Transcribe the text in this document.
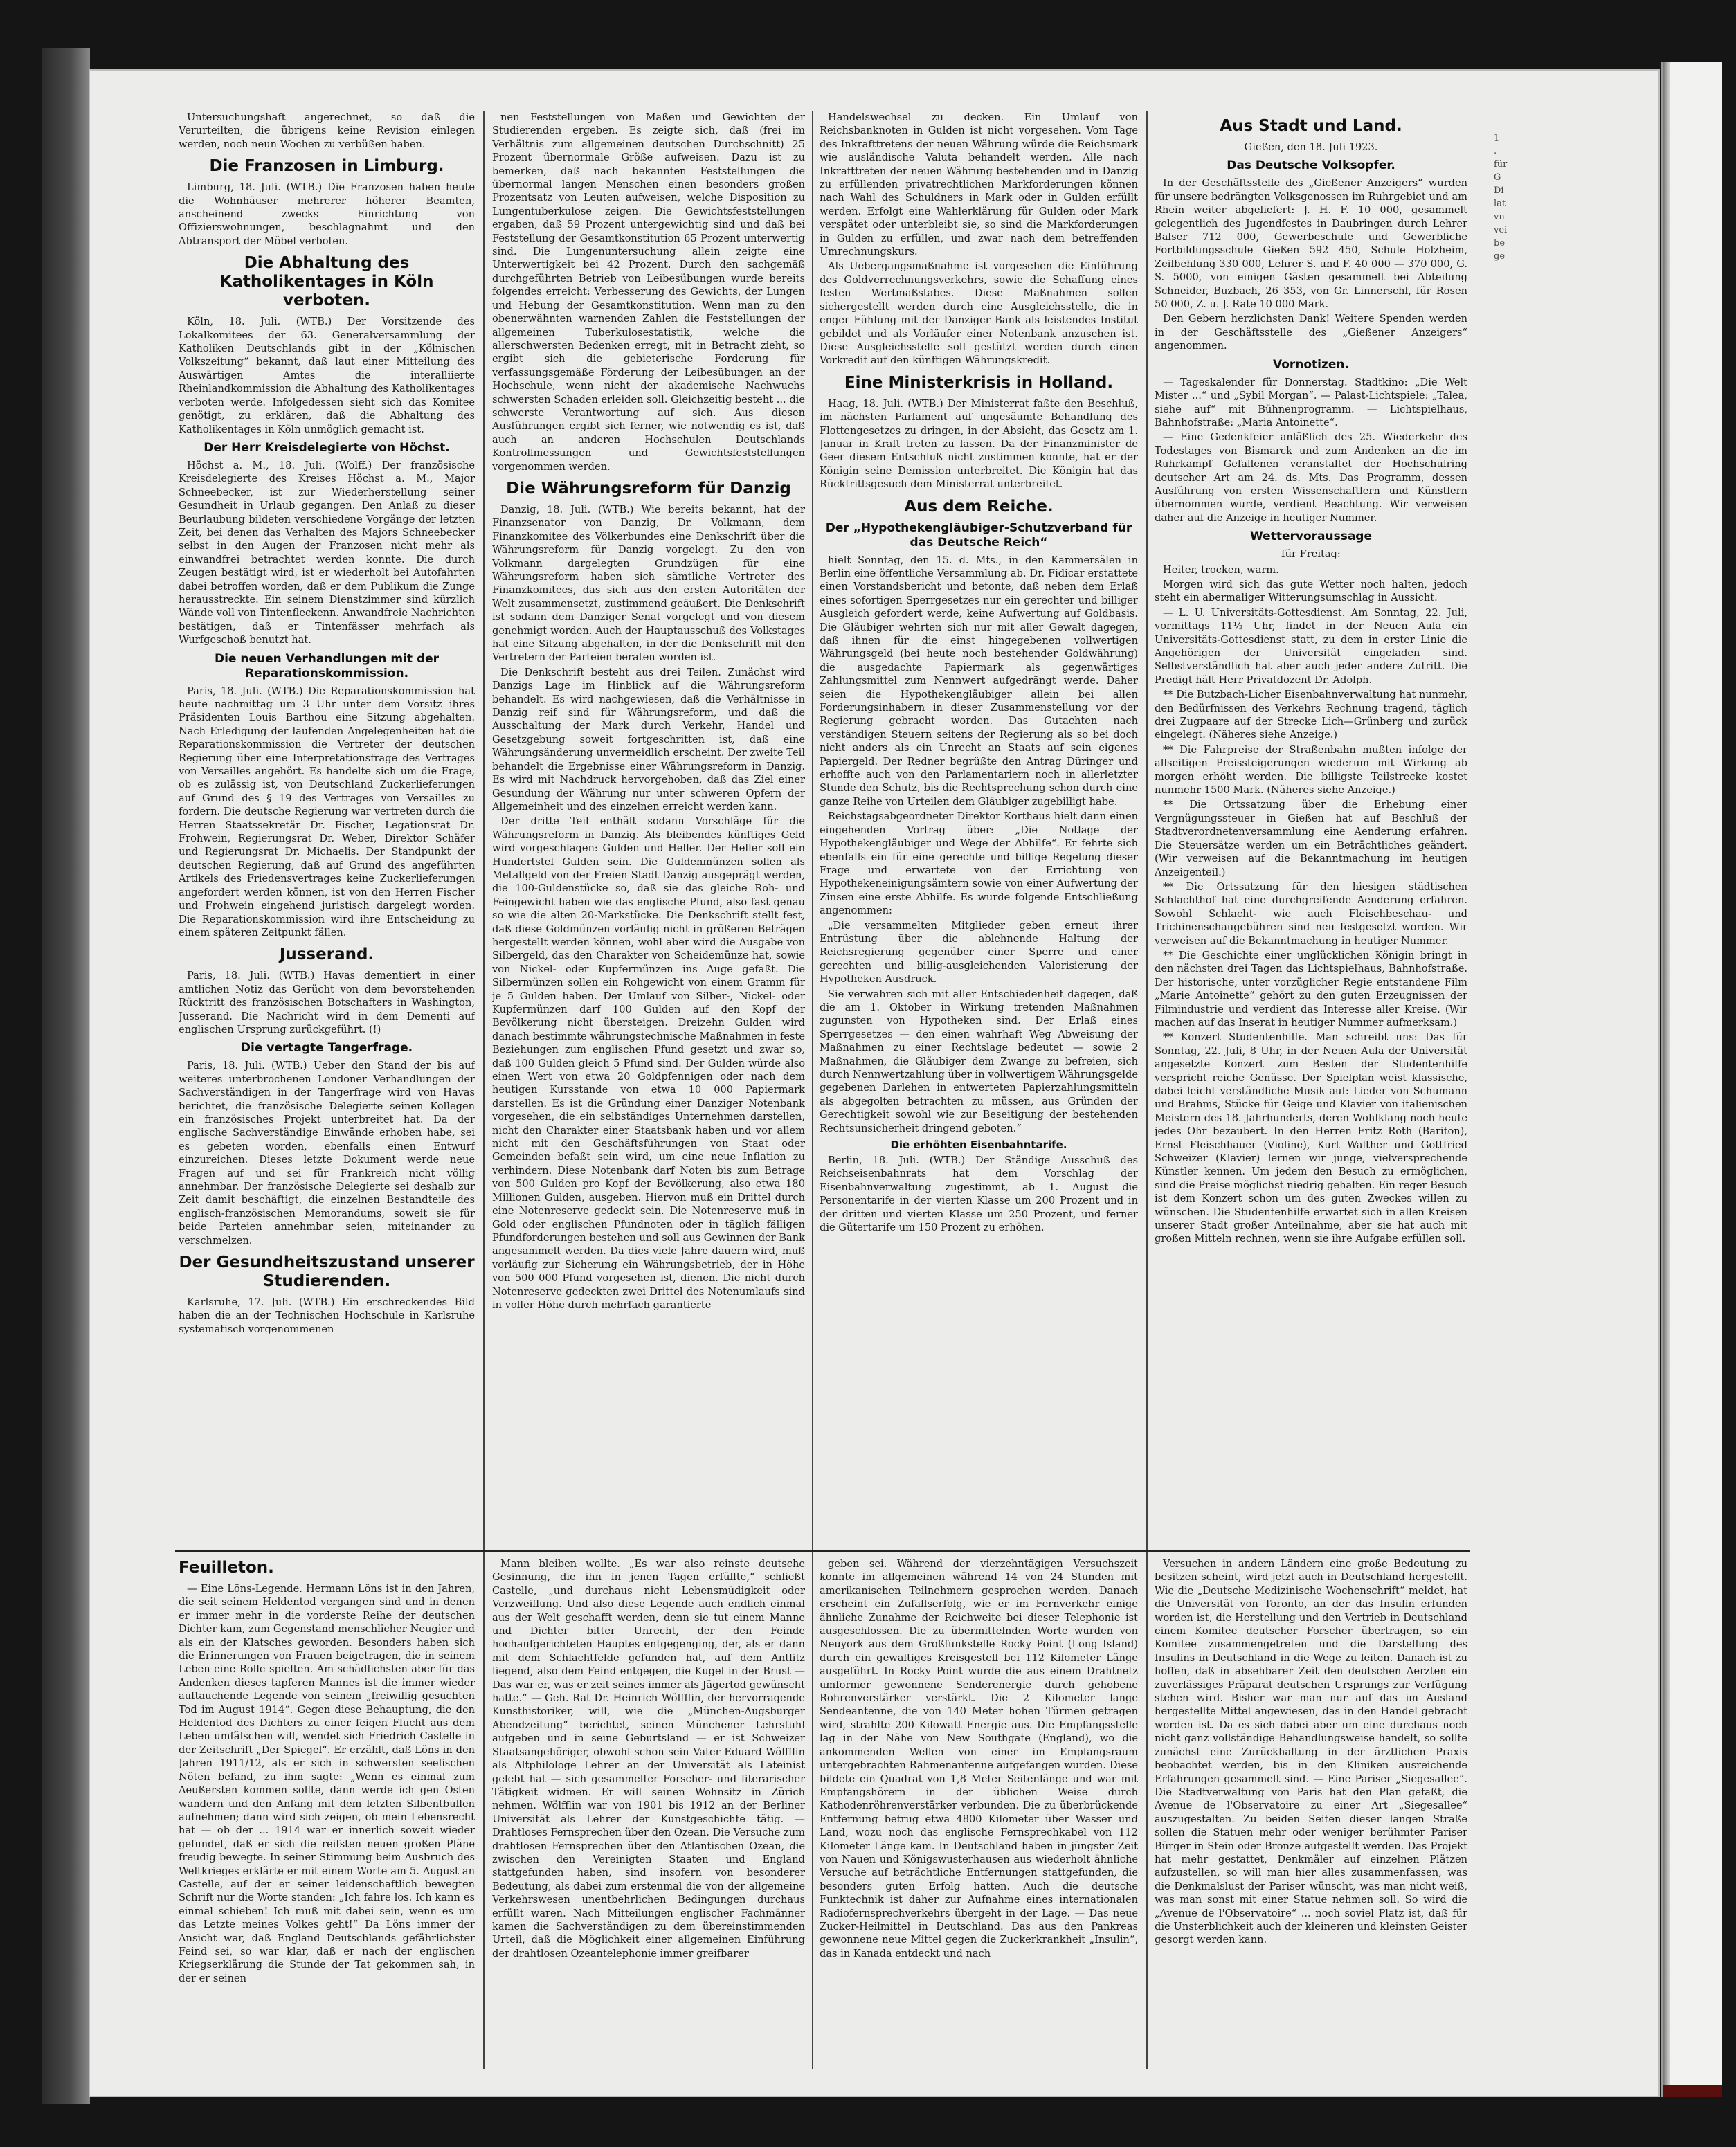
Untersuchungshaft angerechnet, so daß die Verurteilten, die übrigens keine Revision einlegen werden, noch neun Wochen zu verbüßen haben.

Die Franzosen in Limburg.

Limburg, 18. Juli. (WTB.) Die Franzosen haben heute die Wohnhäuser mehrerer höherer Beamten, anscheinend zwecks Einrichtung von Offizierswohnungen, beschlagnahmt und den Abtransport der Möbel verboten.

Die Abhaltung des Katholikentages in Köln verboten.

Köln, 18. Juli. (WTB.) Der Vorsitzende des Lokalkomitees der 63. Generalversammlung der Katholiken Deutschlands gibt in der „Kölnischen Volkszeitung“ bekannt, daß laut einer Mitteilung des Auswärtigen Amtes die interalliierte Rheinlandkommission die Abhaltung des Katholikentages verboten werde. Infolgedessen sieht sich das Komitee genötigt, zu erklären, daß die Abhaltung des Katholikentages in Köln unmöglich gemacht ist.

Der Herr Kreisdelegierte von Höchst.

Höchst a. M., 18. Juli. (Wolff.) Der französische Kreisdelegierte des Kreises Höchst a. M., Major Schneebecker, ist zur Wiederherstellung seiner Gesundheit in Urlaub gegangen. Den Anlaß zu dieser Beurlaubung bildeten verschiedene Vorgänge der letzten Zeit, bei denen das Verhalten des Majors Schneebecker selbst in den Augen der Franzosen nicht mehr als einwandfrei betrachtet werden konnte. Die durch Zeugen bestätigt wird, ist er wiederholt bei Autofahrten dabei betroffen worden, daß er dem Publikum die Zunge herausstreckte. Ein seinem Dienstzimmer sind kürzlich Wände voll von Tintenfleckenn. Anwandfreie Nachrichten bestätigen, daß er Tintenfässer mehrfach als Wurfgeschoß benutzt hat.

Die neuen Verhandlungen mit der Reparationskommission.

Paris, 18. Juli. (WTB.) Die Reparationskommission hat heute nachmittag um 3 Uhr unter dem Vorsitz ihres Präsidenten Louis Barthou eine Sitzung abgehalten. Nach Erledigung der laufenden Angelegenheiten hat die Reparationskommission die Vertreter der deutschen Regierung über eine Interpretationsfrage des Vertrages von Versailles angehört. Es handelte sich um die Frage, ob es zulässig ist, von Deutschland Zuckerlieferungen auf Grund des § 19 des Vertrages von Versailles zu fordern. Die deutsche Regierung war vertreten durch die Herren Staatssekretär Dr. Fischer, Legationsrat Dr. Frohwein, Regierungsrat Dr. Weber, Direktor Schäfer und Regierungsrat Dr. Michaelis. Der Standpunkt der deutschen Regierung, daß auf Grund des angeführten Artikels des Friedensvertrages keine Zuckerlieferungen angefordert werden können, ist von den Herren Fischer und Frohwein eingehend juristisch dargelegt worden. Die Reparationskommission wird ihre Entscheidung zu einem späteren Zeitpunkt fällen.

Jusserand.

Paris, 18. Juli. (WTB.) Havas dementiert in einer amtlichen Notiz das Gerücht von dem bevorstehenden Rücktritt des französischen Botschafters in Washington, Jusserand. Die Nachricht wird in dem Dementi auf englischen Ursprung zurückgeführt. (!)

Die vertagte Tangerfrage.

Paris, 18. Juli. (WTB.) Ueber den Stand der bis auf weiteres unterbrochenen Londoner Verhandlungen der Sachverständigen in der Tangerfrage wird von Havas berichtet, die französische Delegierte seinen Kollegen ein französisches Projekt unterbreitet hat. Da der englische Sachverständige Einwände erhoben habe, sei es gebeten worden, ebenfalls einen Entwurf einzureichen. Dieses letzte Dokument werde neue Fragen auf und sei für Frankreich nicht völlig annehmbar. Der französische Delegierte sei deshalb zur Zeit damit beschäftigt, die einzelnen Bestandteile des englisch-französischen Memorandums, soweit sie für beide Parteien annehmbar seien, miteinander zu verschmelzen.

Der Gesundheitszustand unserer Studierenden.

Karlsruhe, 17. Juli. (WTB.) Ein erschreckendes Bild haben die an der Technischen Hochschule in Karlsruhe systematisch vorgenommenen

nen Feststellungen von Maßen und Gewichten der Studierenden ergeben. Es zeigte sich, daß (frei im Verhältnis zum allgemeinen deutschen Durchschnitt) 25 Prozent übernormale Größe aufweisen. Dazu ist zu bemerken, daß nach bekannten Feststellungen die übernormal langen Menschen einen besonders großen Prozentsatz von Leuten aufweisen, welche Disposition zu Lungentuberkulose zeigen. Die Gewichtsfeststellungen ergaben, daß 59 Prozent untergewichtig sind und daß bei Feststellung der Gesamtkonstitution 65 Prozent unterwertig sind. Die Lungenuntersuchung allein zeigte eine Unterwertigkeit bei 42 Prozent. Durch den sachgemäß durchgeführten Betrieb von Leibesübungen wurde bereits folgendes erreicht: Verbesserung des Gewichts, der Lungen und Hebung der Gesamtkonstitution. Wenn man zu den obenerwähnten warnenden Zahlen die Feststellungen der allgemeinen Tuberkulosestatistik, welche die allerschwersten Bedenken erregt, mit in Betracht zieht, so ergibt sich die gebieterische Forderung für verfassungsgemäße Förderung der Leibesübungen an der Hochschule, wenn nicht der akademische Nachwuchs schwersten Schaden erleiden soll. Gleichzeitig besteht ... die schwerste Verantwortung auf sich. Aus diesen Ausführungen ergibt sich ferner, wie notwendig es ist, daß auch an anderen Hochschulen Deutschlands Kontrollmessungen und Gewichtsfeststellungen vorgenommen werden.

Die Währungsreform für Danzig

Danzig, 18. Juli. (WTB.) Wie bereits bekannt, hat der Finanzsenator von Danzig, Dr. Volkmann, dem Finanzkomitee des Völkerbundes eine Denkschrift über die Währungsreform für Danzig vorgelegt. Zu den von Volkmann dargelegten Grundzügen für eine Währungsreform haben sich sämtliche Vertreter des Finanzkomitees, das sich aus den ersten Autoritäten der Welt zusammensetzt, zustimmend geäußert. Die Denkschrift ist sodann dem Danziger Senat vorgelegt und von diesem genehmigt worden. Auch der Hauptausschuß des Volkstages hat eine Sitzung abgehalten, in der die Denkschrift mit den Vertretern der Parteien beraten worden ist.

Die Denkschrift besteht aus drei Teilen. Zunächst wird Danzigs Lage im Hinblick auf die Währungsreform behandelt. Es wird nachgewiesen, daß die Verhältnisse in Danzig reif sind für Währungsreform, und daß die Ausschaltung der Mark durch Verkehr, Handel und Gesetzgebung soweit fortgeschritten ist, daß eine Währungsänderung unvermeidlich erscheint. Der zweite Teil behandelt die Ergebnisse einer Währungsreform in Danzig. Es wird mit Nachdruck hervorgehoben, daß das Ziel einer Gesundung der Währung nur unter schweren Opfern der Allgemeinheit und des einzelnen erreicht werden kann.

Der dritte Teil enthält sodann Vorschläge für die Währungsreform in Danzig. Als bleibendes künftiges Geld wird vorgeschlagen: Gulden und Heller. Der Heller soll ein Hundertstel Gulden sein. Die Guldenmünzen sollen als Metallgeld von der Freien Stadt Danzig ausgeprägt werden, die 100-Guldenstücke so, daß sie das gleiche Roh- und Feingewicht haben wie das englische Pfund, also fast genau so wie die alten 20-Markstücke. Die Denkschrift stellt fest, daß diese Goldmünzen vorläufig nicht in größeren Beträgen hergestellt werden können, wohl aber wird die Ausgabe von Silbergeld, das den Charakter von Scheidemünze hat, sowie von Nickel- oder Kupfermünzen ins Auge gefaßt. Die Silbermünzen sollen ein Rohgewicht von einem Gramm für je 5 Gulden haben. Der Umlauf von Silber-, Nickel- oder Kupfermünzen darf 100 Gulden auf den Kopf der Bevölkerung nicht übersteigen. Dreizehn Gulden wird danach bestimmte währungstechnische Maßnahmen in feste Beziehungen zum englischen Pfund gesetzt und zwar so, daß 100 Gulden gleich 5 Pfund sind. Der Gulden würde also einen Wert von etwa 20 Goldpfennigen oder nach dem heutigen Kursstande von etwa 10 000 Papiermark darstellen. Es ist die Gründung einer Danziger Notenbank vorgesehen, die ein selbständiges Unternehmen darstellen, nicht den Charakter einer Staatsbank haben und vor allem nicht mit den Geschäftsführungen von Staat oder Gemeinden befaßt sein wird, um eine neue Inflation zu verhindern. Diese Notenbank darf Noten bis zum Betrage von 500 Gulden pro Kopf der Bevölkerung, also etwa 180 Millionen Gulden, ausgeben. Hiervon muß ein Drittel durch eine Notenreserve gedeckt sein. Die Notenreserve muß in Gold oder englischen Pfundnoten oder in täglich fälligen Pfundforderungen bestehen und soll aus Gewinnen der Bank angesammelt werden. Da dies viele Jahre dauern wird, muß vorläufig zur Sicherung ein Währungsbetrieb, der in Höhe von 500 000 Pfund vorgesehen ist, dienen. Die nicht durch Notenreserve gedeckten zwei Drittel des Notenumlaufs sind in voller Höhe durch mehrfach garantierte

Handelswechsel zu decken. Ein Umlauf von Reichsbanknoten in Gulden ist nicht vorgesehen. Vom Tage des Inkrafttretens der neuen Währung würde die Reichsmark wie ausländische Valuta behandelt werden. Alle nach Inkrafttreten der neuen Währung bestehenden und in Danzig zu erfüllenden privatrechtlichen Markforderungen können nach Wahl des Schuldners in Mark oder in Gulden erfüllt werden. Erfolgt eine Wahlerklärung für Gulden oder Mark verspätet oder unterbleibt sie, so sind die Markforderungen in Gulden zu erfüllen, und zwar nach dem betreffenden Umrechnungskurs.

Als Uebergangsmaßnahme ist vorgesehen die Einführung des Goldverrechnungsverkehrs, sowie die Schaffung eines festen Wertmaßstabes. Diese Maßnahmen sollen sichergestellt werden durch eine Ausgleichsstelle, die in enger Fühlung mit der Danziger Bank als leistendes Institut gebildet und als Vorläufer einer Notenbank anzusehen ist. Diese Ausgleichsstelle soll gestützt werden durch einen Vorkredit auf den künftigen Währungskredit.

Eine Ministerkrisis in Holland.

Haag, 18. Juli. (WTB.) Der Ministerrat faßte den Beschluß, im nächsten Parlament auf ungesäumte Behandlung des Flottengesetzes zu dringen, in der Absicht, das Gesetz am 1. Januar in Kraft treten zu lassen. Da der Finanzminister de Geer diesem Entschluß nicht zustimmen konnte, hat er der Königin seine Demission unterbreitet. Die Königin hat das Rücktrittsgesuch dem Ministerrat unterbreitet.

Aus dem Reiche.
Der „Hypothekengläubiger-Schutzverband für das Deutsche Reich“

hielt Sonntag, den 15. d. Mts., in den Kammersälen in Berlin eine öffentliche Versammlung ab. Dr. Fidicar erstattete einen Vorstandsbericht und betonte, daß neben dem Erlaß eines sofortigen Sperrgesetzes nur ein gerechter und billiger Ausgleich gefordert werde, keine Aufwertung auf Goldbasis. Die Gläubiger wehrten sich nur mit aller Gewalt dagegen, daß ihnen für die einst hingegebenen vollwertigen Währungsgeld (bei heute noch bestehender Goldwährung) die ausgedachte Papiermark als gegenwärtiges Zahlungsmittel zum Nennwert aufgedrängt werde. Daher seien die Hypothekengläubiger allein bei allen Forderungsinhabern in dieser Zusammenstellung vor der Regierung gebracht worden. Das Gutachten nach verständigen Steuern seitens der Regierung als so bei doch nicht anders als ein Unrecht an Staats auf sein eigenes Papiergeld. Der Redner begrüßte den Antrag Düringer und erhoffte auch von den Parlamentariern noch in allerletzter Stunde den Schutz, bis die Rechtsprechung schon durch eine ganze Reihe von Urteilen dem Gläubiger zugebilligt habe.

Reichstagsabgeordneter Direktor Korthaus hielt dann einen eingehenden Vortrag über: „Die Notlage der Hypothekengläubiger und Wege der Abhilfe“. Er fehrte sich ebenfalls ein für eine gerechte und billige Regelung dieser Frage und erwartete von der Errichtung von Hypothekeneinigungsämtern sowie von einer Aufwertung der Zinsen eine erste Abhilfe. Es wurde folgende Entschließung angenommen:

„Die versammelten Mitglieder geben erneut ihrer Entrüstung über die ablehnende Haltung der Reichsregierung gegenüber einer Sperre und einer gerechten und billig-ausgleichenden Valorisierung der Hypotheken Ausdruck.

Sie verwahren sich mit aller Entschiedenheit dagegen, daß die am 1. Oktober in Wirkung tretenden Maßnahmen zugunsten von Hypotheken sind. Der Erlaß eines Sperrgesetzes — den einen wahrhaft Weg Abweisung der Maßnahmen zu einer Rechtslage bedeutet — sowie 2 Maßnahmen, die Gläubiger dem Zwange zu befreien, sich durch Nennwertzahlung über in vollwertigem Währungsgelde gegebenen Darlehen in entwerteten Papierzahlungsmitteln als abgegolten betrachten zu müssen, aus Gründen der Gerechtigkeit sowohl wie zur Beseitigung der bestehenden Rechtsunsicherheit dringend geboten.“

Die erhöhten Eisenbahntarife.

Berlin, 18. Juli. (WTB.) Der Ständige Ausschuß des Reichseisenbahnrats hat dem Vorschlag der Eisenbahnverwaltung zugestimmt, ab 1. August die Personentarife in der vierten Klasse um 200 Prozent und in der dritten und vierten Klasse um 250 Prozent, und ferner die Gütertarife um 150 Prozent zu erhöhen.

Aus Stadt und Land.

Gießen, den 18. Juli 1923.

Das Deutsche Volksopfer.

In der Geschäftsstelle des „Gießener Anzeigers“ wurden für unsere bedrängten Volksgenossen im Ruhrgebiet und am Rhein weiter abgeliefert: J. H. F. 10 000, gesammelt gelegentlich des Jugendfestes in Daubringen durch Lehrer Balser 712 000, Gewerbeschule und Gewerbliche Fortbildungsschule Gießen 592 450, Schule Holzheim, Zeilbehlung 330 000, Lehrer S. und F. 40 000 — 370 000, G. S. 5000, von einigen Gästen gesammelt bei Abteilung Schneider, Buzbach, 26 353, von Gr. Linnerschl, für Rosen 50 000, Z. u. J. Rate 10 000 Mark.

Den Gebern herzlichsten Dank! Weitere Spenden werden in der Geschäftsstelle des „Gießener Anzeigers“ angenommen.

Vornotizen.

— Tageskalender für Donnerstag. Stadtkino: „Die Welt Mister ...“ und „Sybil Morgan“. — Palast-Lichtspiele: „Talea, siehe auf“ mit Bühnenprogramm. — Lichtspielhaus, Bahnhofstraße: „Maria Antoinette“.

— Eine Gedenkfeier anläßlich des 25. Wiederkehr des Todestages von Bismarck und zum Andenken an die im Ruhrkampf Gefallenen veranstaltet der Hochschulring deutscher Art am 24. ds. Mts. Das Programm, dessen Ausführung von ersten Wissenschaftlern und Künstlern übernommen wurde, verdient Beachtung. Wir verweisen daher auf die Anzeige in heutiger Nummer.

Wettervoraussage

für Freitag:

Heiter, trocken, warm.

Morgen wird sich das gute Wetter noch halten, jedoch steht ein abermaliger Witterungsumschlag in Aussicht.

— L. U. Universitäts-Gottesdienst. Am Sonntag, 22. Juli, vormittags 11½ Uhr, findet in der Neuen Aula ein Universitäts-Gottesdienst statt, zu dem in erster Linie die Angehörigen der Universität eingeladen sind. Selbstverständlich hat aber auch jeder andere Zutritt. Die Predigt hält Herr Privatdozent Dr. Adolph.

** Die Butzbach-Licher Eisenbahnverwaltung hat nunmehr, den Bedürfnissen des Verkehrs Rechnung tragend, täglich drei Zugpaare auf der Strecke Lich—Grünberg und zurück eingelegt. (Näheres siehe Anzeige.)

** Die Fahrpreise der Straßenbahn mußten infolge der allseitigen Preissteigerungen wiederum mit Wirkung ab morgen erhöht werden. Die billigste Teilstrecke kostet nunmehr 1500 Mark. (Näheres siehe Anzeige.)

** Die Ortssatzung über die Erhebung einer Vergnügungssteuer in Gießen hat auf Beschluß der Stadtverordnetenversammlung eine Aenderung erfahren. Die Steuersätze werden um ein Beträchtliches geändert. (Wir verweisen auf die Bekanntmachung im heutigen Anzeigenteil.)

** Die Ortssatzung für den hiesigen städtischen Schlachthof hat eine durchgreifende Aenderung erfahren. Sowohl Schlacht- wie auch Fleischbeschau- und Trichinenschaugebühren sind neu festgesetzt worden. Wir verweisen auf die Bekanntmachung in heutiger Nummer.

** Die Geschichte einer unglücklichen Königin bringt in den nächsten drei Tagen das Lichtspielhaus, Bahnhofstraße. Der historische, unter vorzüglicher Regie entstandene Film „Marie Antoinette“ gehört zu den guten Erzeugnissen der Filmindustrie und verdient das Interesse aller Kreise. (Wir machen auf das Inserat in heutiger Nummer aufmerksam.)

** Konzert Studentenhilfe. Man schreibt uns: Das für Sonntag, 22. Juli, 8 Uhr, in der Neuen Aula der Universität angesetzte Konzert zum Besten der Studentenhilfe verspricht reiche Genüsse. Der Spielplan weist klassische, dabei leicht verständliche Musik auf: Lieder von Schumann und Brahms, Stücke für Geige und Klavier von italienischen Meistern des 18. Jahrhunderts, deren Wohlklang noch heute jedes Ohr bezaubert. In den Herren Fritz Roth (Bariton), Ernst Fleischhauer (Violine), Kurt Walther und Gottfried Schweizer (Klavier) lernen wir junge, vielversprechende Künstler kennen. Um jedem den Besuch zu ermöglichen, sind die Preise möglichst niedrig gehalten. Ein reger Besuch ist dem Konzert schon um des guten Zweckes willen zu wünschen. Die Studentenhilfe erwartet sich in allen Kreisen unserer Stadt großer Anteilnahme, aber sie hat auch mit großen Mitteln rechnen, wenn sie ihre Aufgabe erfüllen soll.

Feuilleton.

— Eine Löns-Legende. Hermann Löns ist in den Jahren, die seit seinem Heldentod vergangen sind und in denen er immer mehr in die vorderste Reihe der deutschen Dichter kam, zum Gegenstand menschlicher Neugier und als ein der Klatsches geworden. Besonders haben sich die Erinnerungen von Frauen beigetragen, die in seinem Leben eine Rolle spielten. Am schädlichsten aber für das Andenken dieses tapferen Mannes ist die immer wieder auftauchende Legende von seinem „freiwillig gesuchten Tod im August 1914“. Gegen diese Behauptung, die den Heldentod des Dichters zu einer feigen Flucht aus dem Leben umfälschen will, wendet sich Friedrich Castelle in der Zeitschrift „Der Spiegel“. Er erzählt, daß Löns in den Jahren 1911/12, als er sich in schwersten seelischen Nöten befand, zu ihm sagte: „Wenn es einmal zum Aeußersten kommen sollte, dann werde ich gen Osten wandern und den Anfang mit dem letzten Silbentbullen aufnehmen; dann wird sich zeigen, ob mein Lebensrecht hat — ob der ... 1914 war er innerlich soweit wieder gefundet, daß er sich die reifsten neuen großen Pläne freudig bewegte. In seiner Stimmung beim Ausbruch des Weltkrieges erklärte er mit einem Worte am 5. August an Castelle, auf der er seiner leidenschaftlich bewegten Schrift nur die Worte standen: „Ich fahre los. Ich kann es einmal schieben! Ich muß mit dabei sein, wenn es um das Letzte meines Volkes geht!“ Da Löns immer der Ansicht war, daß England Deutschlands gefährlichster Feind sei, so war klar, daß er nach der englischen Kriegserklärung die Stunde der Tat gekommen sah, in der er seinen

Mann bleiben wollte. „Es war also reinste deutsche Gesinnung, die ihn in jenen Tagen erfüllte,“ schließt Castelle, „und durchaus nicht Lebensmüdigkeit oder Verzweiflung. Und also diese Legende auch endlich einmal aus der Welt geschafft werden, denn sie tut einem Manne und Dichter bitter Unrecht, der den Feinde hochaufgerichteten Hauptes entgegenging, der, als er dann mit dem Schlachtfelde gefunden hat, auf dem Antlitz liegend, also dem Feind entgegen, die Kugel in der Brust — Das war er, was er zeit seines immer als Jägertod gewünscht hatte.“ — Geh. Rat Dr. Heinrich Wölfflin, der hervorragende Kunsthistoriker, will, wie die „München-Augsburger Abendzeitung“ berichtet, seinen Münchener Lehrstuhl aufgeben und in seine Geburtsland — er ist Schweizer Staatsangehöriger, obwohl schon sein Vater Eduard Wölfflin als Altphilologe Lehrer an der Universität als Lateinist gelebt hat — sich gesammelter Forscher- und literarischer Tätigkeit widmen. Er will seinen Wohnsitz in Zürich nehmen. Wölfflin war von 1901 bis 1912 an der Berliner Universität als Lehrer der Kunstgeschichte tätig. — Drahtloses Fernsprechen über den Ozean. Die Versuche zum drahtlosen Fernsprechen über den Atlantischen Ozean, die zwischen den Vereinigten Staaten und England stattgefunden haben, sind insofern von besonderer Bedeutung, als dabei zum erstenmal die von der allgemeine Verkehrswesen unentbehrlichen Bedingungen durchaus erfüllt waren. Nach Mitteilungen englischer Fachmänner kamen die Sachverständigen zu dem übereinstimmenden Urteil, daß die Möglichkeit einer allgemeinen Einführung der drahtlosen Ozeantelephonie immer greifbarer

geben sei. Während der vierzehntägigen Versuchszeit konnte im allgemeinen während 14 von 24 Stunden mit amerikanischen Teilnehmern gesprochen werden. Danach erscheint ein Zufallserfolg, wie er im Fernverkehr einige ähnliche Zunahme der Reichweite bei dieser Telephonie ist ausgeschlossen. Die zu übermittelnden Worte wurden von Neuyork aus dem Großfunkstelle Rocky Point (Long Island) durch ein gewaltiges Kreisgestell bei 112 Kilometer Länge ausgeführt. In Rocky Point wurde die aus einem Drahtnetz umformer gewonnene Senderenergie durch gehobene Rohrenverstärker verstärkt. Die 2 Kilometer lange Sendeantenne, die von 140 Meter hohen Türmen getragen wird, strahlte 200 Kilowatt Energie aus. Die Empfangsstelle lag in der Nähe von New Southgate (England), wo die ankommenden Wellen von einer im Empfangsraum untergebrachten Rahmenantenne aufgefangen wurden. Diese bildete ein Quadrat von 1,8 Meter Seitenlänge und war mit Empfangshörern in der üblichen Weise durch Kathodenröhrenverstärker verbunden. Die zu überbrückende Entfernung betrug etwa 4800 Kilometer über Wasser und Land, wozu noch das englische Fernsprechkabel von 112 Kilometer Länge kam. In Deutschland haben in jüngster Zeit von Nauen und Königswusterhausen aus wiederholt ähnliche Versuche auf beträchtliche Entfernungen stattgefunden, die besonders guten Erfolg hatten. Auch die deutsche Funktechnik ist daher zur Aufnahme eines internationalen Radiofernsprechverkehrs übergeht in der Lage. — Das neue Zucker-Heilmittel in Deutschland. Das aus den Pankreas gewonnene neue Mittel gegen die Zuckerkrankheit „Insulin“, das in Kanada entdeckt und nach

Versuchen in andern Ländern eine große Bedeutung zu besitzen scheint, wird jetzt auch in Deutschland hergestellt. Wie die „Deutsche Medizinische Wochenschrift“ meldet, hat die Universität von Toronto, an der das Insulin erfunden worden ist, die Herstellung und den Vertrieb in Deutschland einem Komitee deutscher Forscher übertragen, so ein Komitee zusammengetreten und die Darstellung des Insulins in Deutschland in die Wege zu leiten. Danach ist zu hoffen, daß in absehbarer Zeit den deutschen Aerzten ein zuverlässiges Präparat deutschen Ursprungs zur Verfügung stehen wird. Bisher war man nur auf das im Ausland hergestellte Mittel angewiesen, das in den Handel gebracht worden ist. Da es sich dabei aber um eine durchaus noch nicht ganz vollständige Behandlungsweise handelt, so sollte zunächst eine Zurückhaltung in der ärztlichen Praxis beobachtet werden, bis in den Kliniken ausreichende Erfahrungen gesammelt sind. — Eine Pariser „Siegesallee“. Die Stadtverwaltung von Paris hat den Plan gefaßt, die Avenue de l'Observatoire zu einer Art „Siegesallee“ auszugestalten. Zu beiden Seiten dieser langen Straße sollen die Statuen mehr oder weniger berühmter Pariser Bürger in Stein oder Bronze aufgestellt werden. Das Projekt hat mehr gestattet, Denkmäler auf einzelnen Plätzen aufzustellen, so will man hier alles zusammenfassen, was die Denkmalslust der Pariser wünscht, was man nicht weiß, was man sonst mit einer Statue nehmen soll. So wird die „Avenue de l'Observatoire“ ... noch soviel Platz ist, daß für die Unsterblichkeit auch der kleineren und kleinsten Geister gesorgt werden kann.

1
.
für
G
Di
lat
vn
vei
be
ge
